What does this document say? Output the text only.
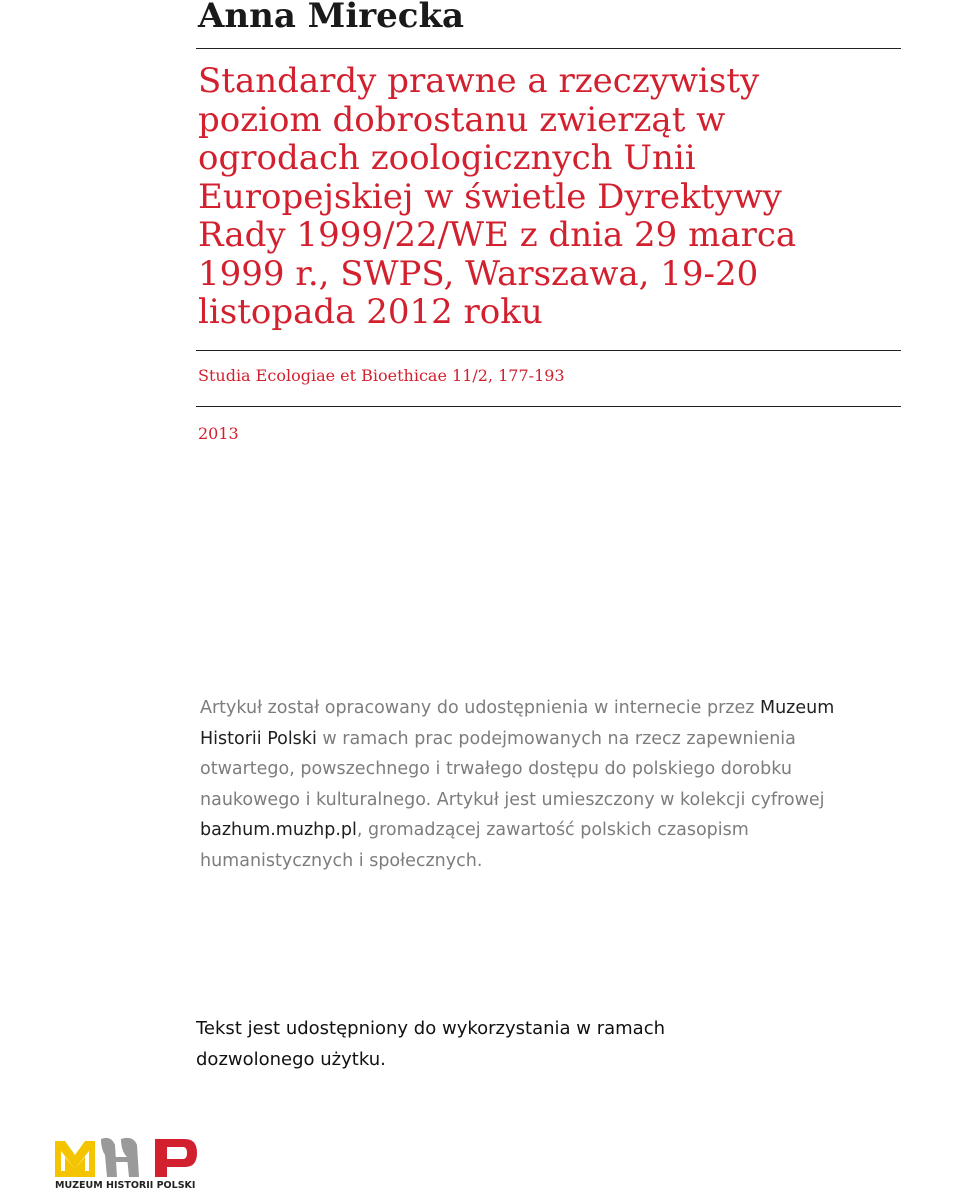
Anna Mirecka
Standardy prawne a rzeczywisty poziom dobrostanu zwierząt w ogrodach zoologicznych Unii Europejskiej w świetle Dyrektywy Rady 1999/22/WE z dnia 29 marca 1999 r., SWPS, Warszawa, 19-20 listopada 2012 roku
Studia Ecologiae et Bioethicae 11/2, 177-193
2013
Artykuł został opracowany do udostępnienia w internecie przez Muzeum Historii Polski w ramach prac podejmowanych na rzecz zapewnienia otwartego, powszechnego i trwałego dostępu do polskiego dorobku naukowego i kulturalnego. Artykuł jest umieszczony w kolekcji cyfrowej bazhum.muzhp.pl, gromadzącej zawartość polskich czasopism humanistycznych i społecznych.
Tekst jest udostępniony do wykorzystania w ramach dozwolonego użytku.
MUZEUM HISTORII POLSKI
